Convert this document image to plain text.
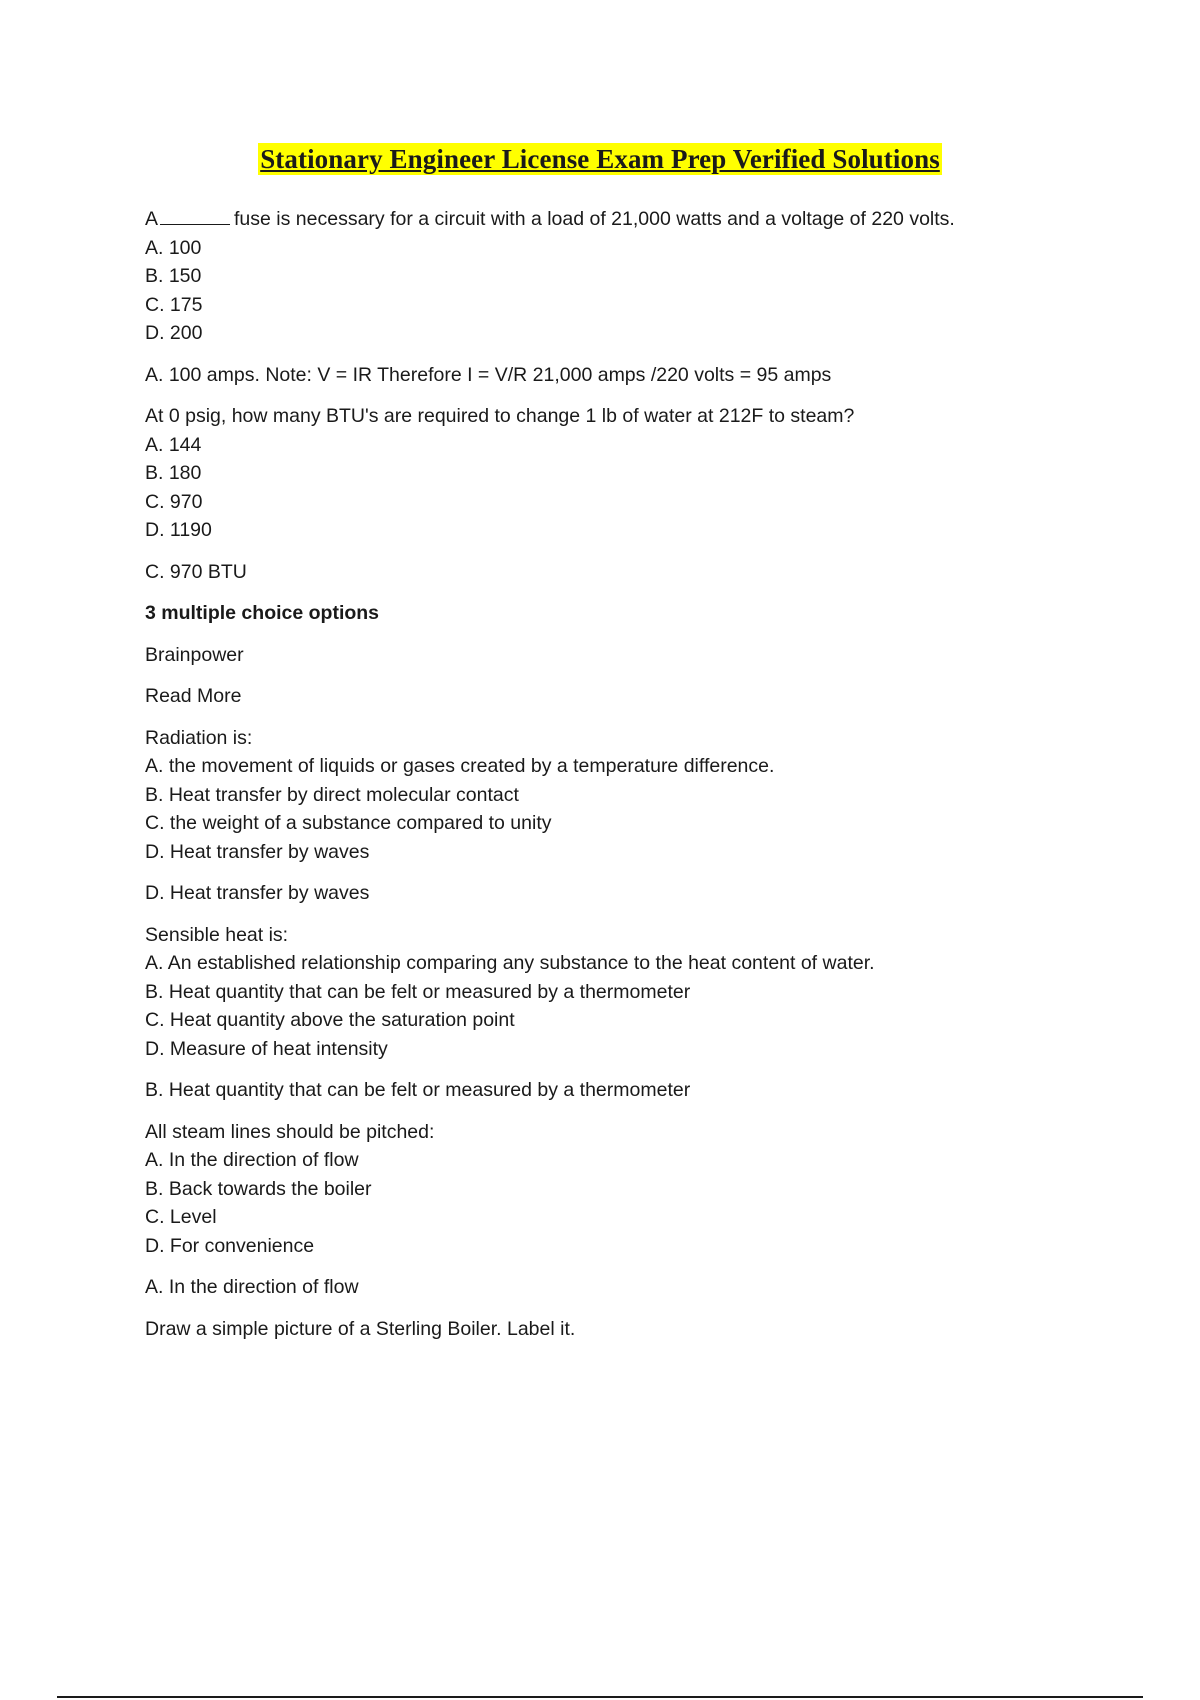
Stationary Engineer License Exam Prep Verified Solutions
A	fuse is necessary for a circuit with a load of 21,000 watts and a voltage of 220 volts.
A. 100
B. 150
C. 175
D. 200
A. 100 amps. Note: V = IR Therefore I = V/R 21,000 amps /220 volts = 95 amps
At 0 psig, how many BTU's are required to change 1 lb of water at 212F to steam?
A. 144
B. 180
C. 970
D. 1190
C. 970 BTU
3 multiple choice options
Brainpower
Read More
Radiation is:
A. the movement of liquids or gases created by a temperature difference.
B. Heat transfer by direct molecular contact
C. the weight of a substance compared to unity
D. Heat transfer by waves
D. Heat transfer by waves
Sensible heat is:
A. An established relationship comparing any substance to the heat content of water.
B. Heat quantity that can be felt or measured by a thermometer
C. Heat quantity above the saturation point
D. Measure of heat intensity
B. Heat quantity that can be felt or measured by a thermometer
All steam lines should be pitched:
A. In the direction of flow
B. Back towards the boiler
C. Level
D. For convenience
A. In the direction of flow
Draw a simple picture of a Sterling Boiler. Label it.
